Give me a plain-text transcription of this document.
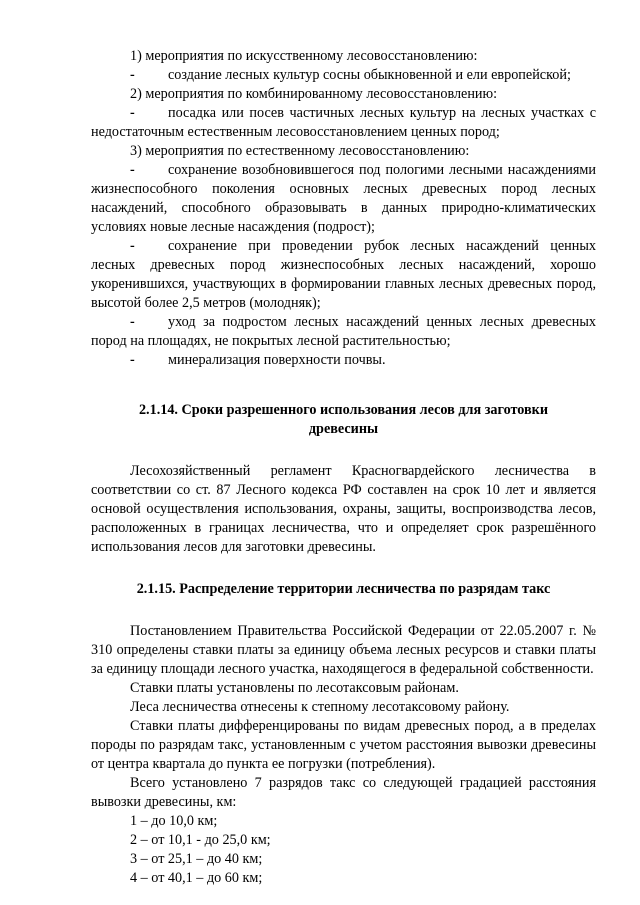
1) мероприятия по искусственному лесовосстановлению:

- создание лесных культур сосны обыкновенной и ели европейской;

2) мероприятия по комбинированному лесовосстановлению:

- посадка или посев частичных лесных культур на лесных участках с недостаточным естественным лесовосстановлением ценных пород;

3) мероприятия по естественному лесовосстановлению:

- сохранение возобновившегося под пологими лесными насаждениями жизнеспособного поколения основных лесных древесных пород лесных насаждений, способного образовывать в данных природно-климатических условиях новые лесные насаждения (подрост);

- сохранение при проведении рубок лесных насаждений ценных лесных древесных пород жизнеспособных лесных насаждений, хорошо укоренившихся, участвующих в формировании главных лесных древесных пород, высотой более 2,5 метров (молодняк);

- уход за подростом лесных насаждений ценных лесных древесных пород на площадях, не покрытых лесной растительностью;

- минерализация поверхности почвы.

2.1.14. Сроки разрешенного использования лесов для заготовки
древесины

Лесохозяйственный регламент Красногвардейского лесничества в соответствии со ст. 87 Лесного кодекса РФ составлен на срок 10 лет и является основой осуществления использования, охраны, защиты, воспроизводства лесов, расположенных в границах лесничества, что и определяет срок разрешённого использования лесов для заготовки древесины.

2.1.15. Распределение территории лесничества по разрядам такс

Постановлением Правительства Российской Федерации от 22.05.2007 г. № 310 определены ставки платы за единицу объема лесных ресурсов и ставки платы за единицу площади лесного участка, находящегося в федеральной собственности.

Ставки платы установлены по лесотаксовым районам.

Леса лесничества отнесены к степному лесотаксовому району.

Ставки платы дифференцированы по видам древесных пород, а в пределах породы по разрядам такс, установленным с учетом расстояния вывозки древесины от центра квартала до пункта ее погрузки (потребления).

Всего установлено 7 разрядов такс со следующей градацией расстояния вывозки древесины, км:

1 – до 10,0 км;

2 – от 10,1 - до 25,0 км;

3 – от 25,1 – до 40 км;

4 – от 40,1 – до 60 км;
